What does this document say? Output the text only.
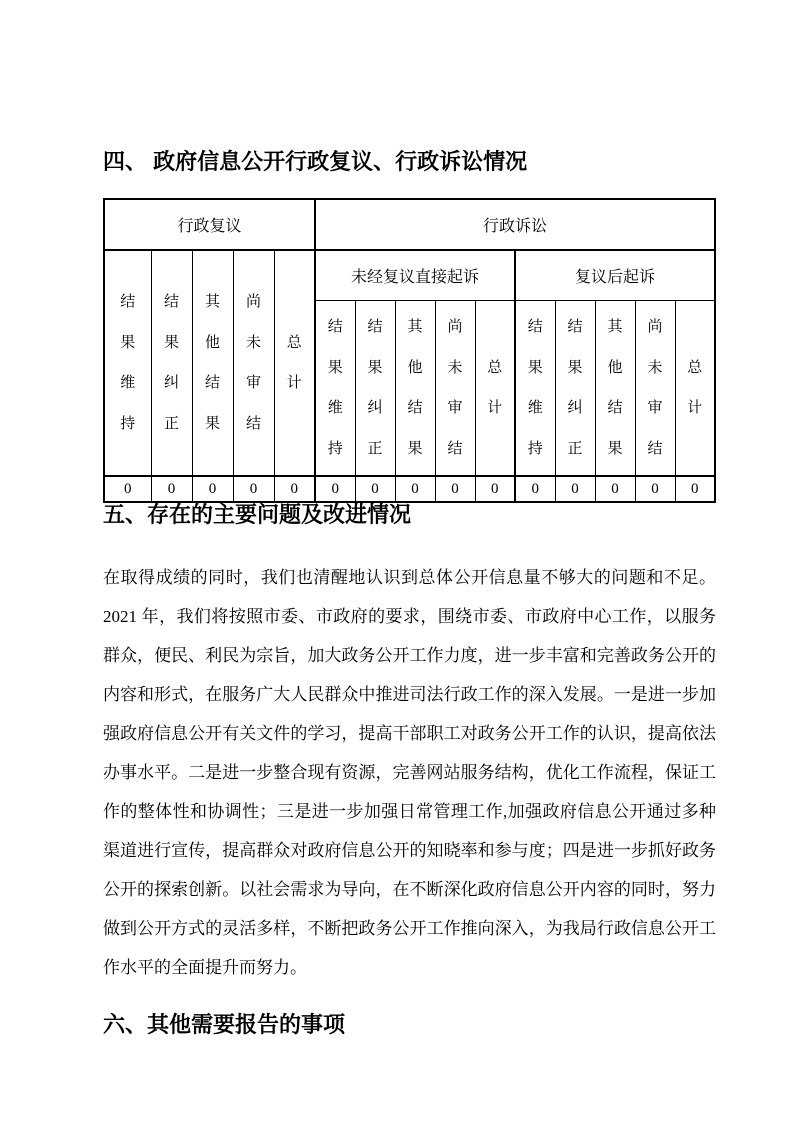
四、 政府信息公开行政复议、行政诉讼情况
行政复议					行政诉讼									
结果维持	结果纠正	其他结果	尚未审结	总计	未经复议直接起诉					复议后起诉				
					结果维持	结果纠正	其他结果	尚未审结	总计	结果维持	结果纠正	其他结果	尚未审结	总计
0	0	0	0	0	0	0	0	0	0	0	0	0	0	0
五、存在的主要问题及改进情况
在取得成绩的同时，我们也清醒地认识到总体公开信息量不够大的问题和不足。
2021 年，我们将按照市委、市政府的要求，围绕市委、市政府中心工作，以服务
群众，便民、利民为宗旨，加大政务公开工作力度，进一步丰富和完善政务公开的
内容和形式，在服务广大人民群众中推进司法行政工作的深入发展。一是进一步加
强政府信息公开有关文件的学习，提高干部职工对政务公开工作的认识，提高依法
办事水平。二是进一步整合现有资源，完善网站服务结构，优化工作流程，保证工
作的整体性和协调性；三是进一步加强日常管理工作,加强政府信息公开通过多种
渠道进行宣传，提高群众对政府信息公开的知晓率和参与度；四是进一步抓好政务
公开的探索创新。以社会需求为导向，在不断深化政府信息公开内容的同时，努力
做到公开方式的灵活多样，不断把政务公开工作推向深入，为我局行政信息公开工
作水平的全面提升而努力。
六、其他需要报告的事项
